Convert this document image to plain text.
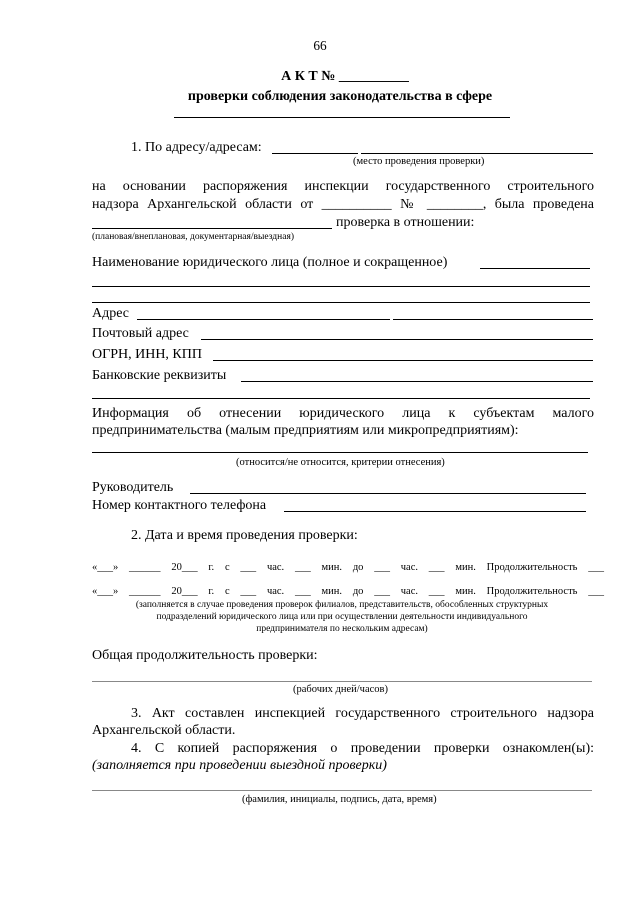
66
А К Т № __________
проверки соблюдения законодательства в сфере
1. По адресу/адресам:
(место проведения проверки)
на основании распоряжения инспекции государственного строительного
надзора Архангельской области от __________ № ________, была проведена
проверка в отношении:
(плановая/внеплановая, документарная/выездная)
Наименование юридического лица (полное и сокращенное)
Адрес
Почтовый адрес
ОГРН, ИНН, КПП
Банковские реквизиты
Информация об отнесении юридического лица к субъектам малого
предпринимательства (малым предприятиям или микропредприятиям):
(относится/не относится, критерии отнесения)
Руководитель
Номер контактного телефона
2. Дата и время проведения проверки:
«___» ______ 20___ г. с ___ час. ___ мин. до ___ час. ___ мин. Продолжительность ___
«___» ______ 20___ г. с ___ час. ___ мин. до ___ час. ___ мин. Продолжительность ___
(заполняется в случае проведения проверок филиалов, представительств, обособленных структурных
подразделений юридического лица или при осуществлении деятельности индивидуального
предпринимателя по нескольким адресам)
Общая продолжительность проверки:
(рабочих дней/часов)
3. Акт составлен инспекцией государственного строительного надзора
Архангельской области.
4. С копией распоряжения о проведении проверки ознакомлен(ы):
(заполняется при проведении выездной проверки)
(фамилия, инициалы, подпись, дата, время)
